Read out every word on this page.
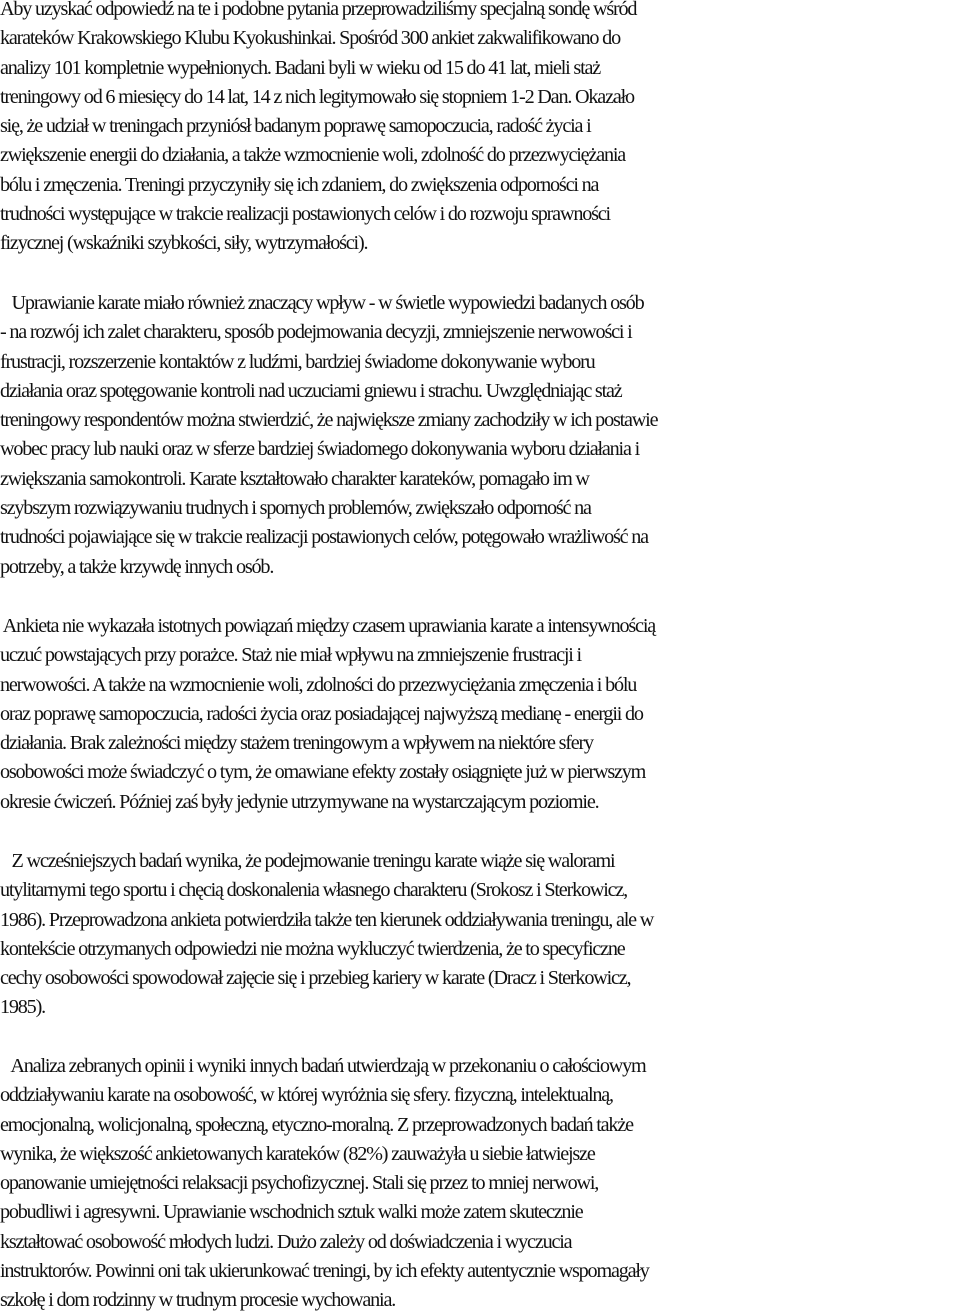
Aby uzyskać odpowiedź na te i podobne pytania przeprowadziliśmy specjalną sondę wśród
karateków Krakowskiego Klubu Kyokushinkai. Spośród 300 ankiet zakwalifikowano do
analizy 101 kompletnie wypełnionych. Badani byli w wieku od 15 do 41 lat, mieli staż
treningowy od 6 miesięcy do 14 lat, 14 z nich legitymowało się stopniem 1-2 Dan. Okazało
się, że udział w treningach przyniósł badanym poprawę samopoczucia, radość życia i
zwiększenie energii do działania, a także wzmocnienie woli, zdolność do przezwyciężania
bólu i zmęczenia. Treningi przyczyniły się ich zdaniem, do zwiększenia odporności na
trudności występujące w trakcie realizacji postawionych celów i do rozwoju sprawności
fizycznej (wskaźniki szybkości, siły, wytrzymałości).
Uprawianie karate miało również znaczący wpływ - w świetle wypowiedzi badanych osób
- na rozwój ich zalet charakteru, sposób podejmowania decyzji, zmniejszenie nerwowości i
frustracji, rozszerzenie kontaktów z ludźmi, bardziej świadome dokonywanie wyboru
działania oraz spotęgowanie kontroli nad uczuciami gniewu i strachu. Uwzględniając staż
treningowy respondentów można stwierdzić, że największe zmiany zachodziły w ich postawie
wobec pracy lub nauki oraz w sferze bardziej świadomego dokonywania wyboru działania i
zwiększania samokontroli. Karate kształtowało charakter karateków, pomagało im w
szybszym rozwiązywaniu trudnych i spornych problemów, zwiększało odporność na
trudności pojawiające się w trakcie realizacji postawionych celów, potęgowało wrażliwość na
potrzeby, a także krzywdę innych osób.
Ankieta nie wykazała istotnych powiązań między czasem uprawiania karate a intensywnością
uczuć powstających przy porażce. Staż nie miał wpływu na zmniejszenie frustracji i
nerwowości. A także na wzmocnienie woli, zdolności do przezwyciężania zmęczenia i bólu
oraz poprawę samopoczucia, radości życia oraz posiadającej najwyższą medianę - energii do
działania. Brak zależności między stażem treningowym a wpływem na niektóre sfery
osobowości może świadczyć o tym, że omawiane efekty zostały osiągnięte już w pierwszym
okresie ćwiczeń. Później zaś były jedynie utrzymywane na wystarczającym poziomie.
Z wcześniejszych badań wynika, że podejmowanie treningu karate wiąże się walorami
utylitarnymi tego sportu i chęcią doskonalenia własnego charakteru (Srokosz i Sterkowicz,
1986). Przeprowadzona ankieta potwierdziła także ten kierunek oddziaływania treningu, ale w
kontekście otrzymanych odpowiedzi nie można wykluczyć twierdzenia, że to specyficzne
cechy osobowości spowodował zajęcie się i przebieg kariery w karate (Dracz i Sterkowicz,
1985).
Analiza zebranych opinii i wyniki innych badań utwierdzają w przekonaniu o całościowym
oddziaływaniu karate na osobowość, w której wyróżnia się sfery. fizyczną, intelektualną,
emocjonalną, wolicjonalną, społeczną, etyczno-moralną. Z przeprowadzonych badań także
wynika, że większość ankietowanych karateków (82%) zauważyła u siebie łatwiejsze
opanowanie umiejętności relaksacji psychofizycznej. Stali się przez to mniej nerwowi,
pobudliwi i agresywni. Uprawianie wschodnich sztuk walki może zatem skutecznie
kształtować osobowość młodych ludzi. Dużo zależy od doświadczenia i wyczucia
instruktorów. Powinni oni tak ukierunkować treningi, by ich efekty autentycznie wspomagały
szkołę i dom rodzinny w trudnym procesie wychowania.
